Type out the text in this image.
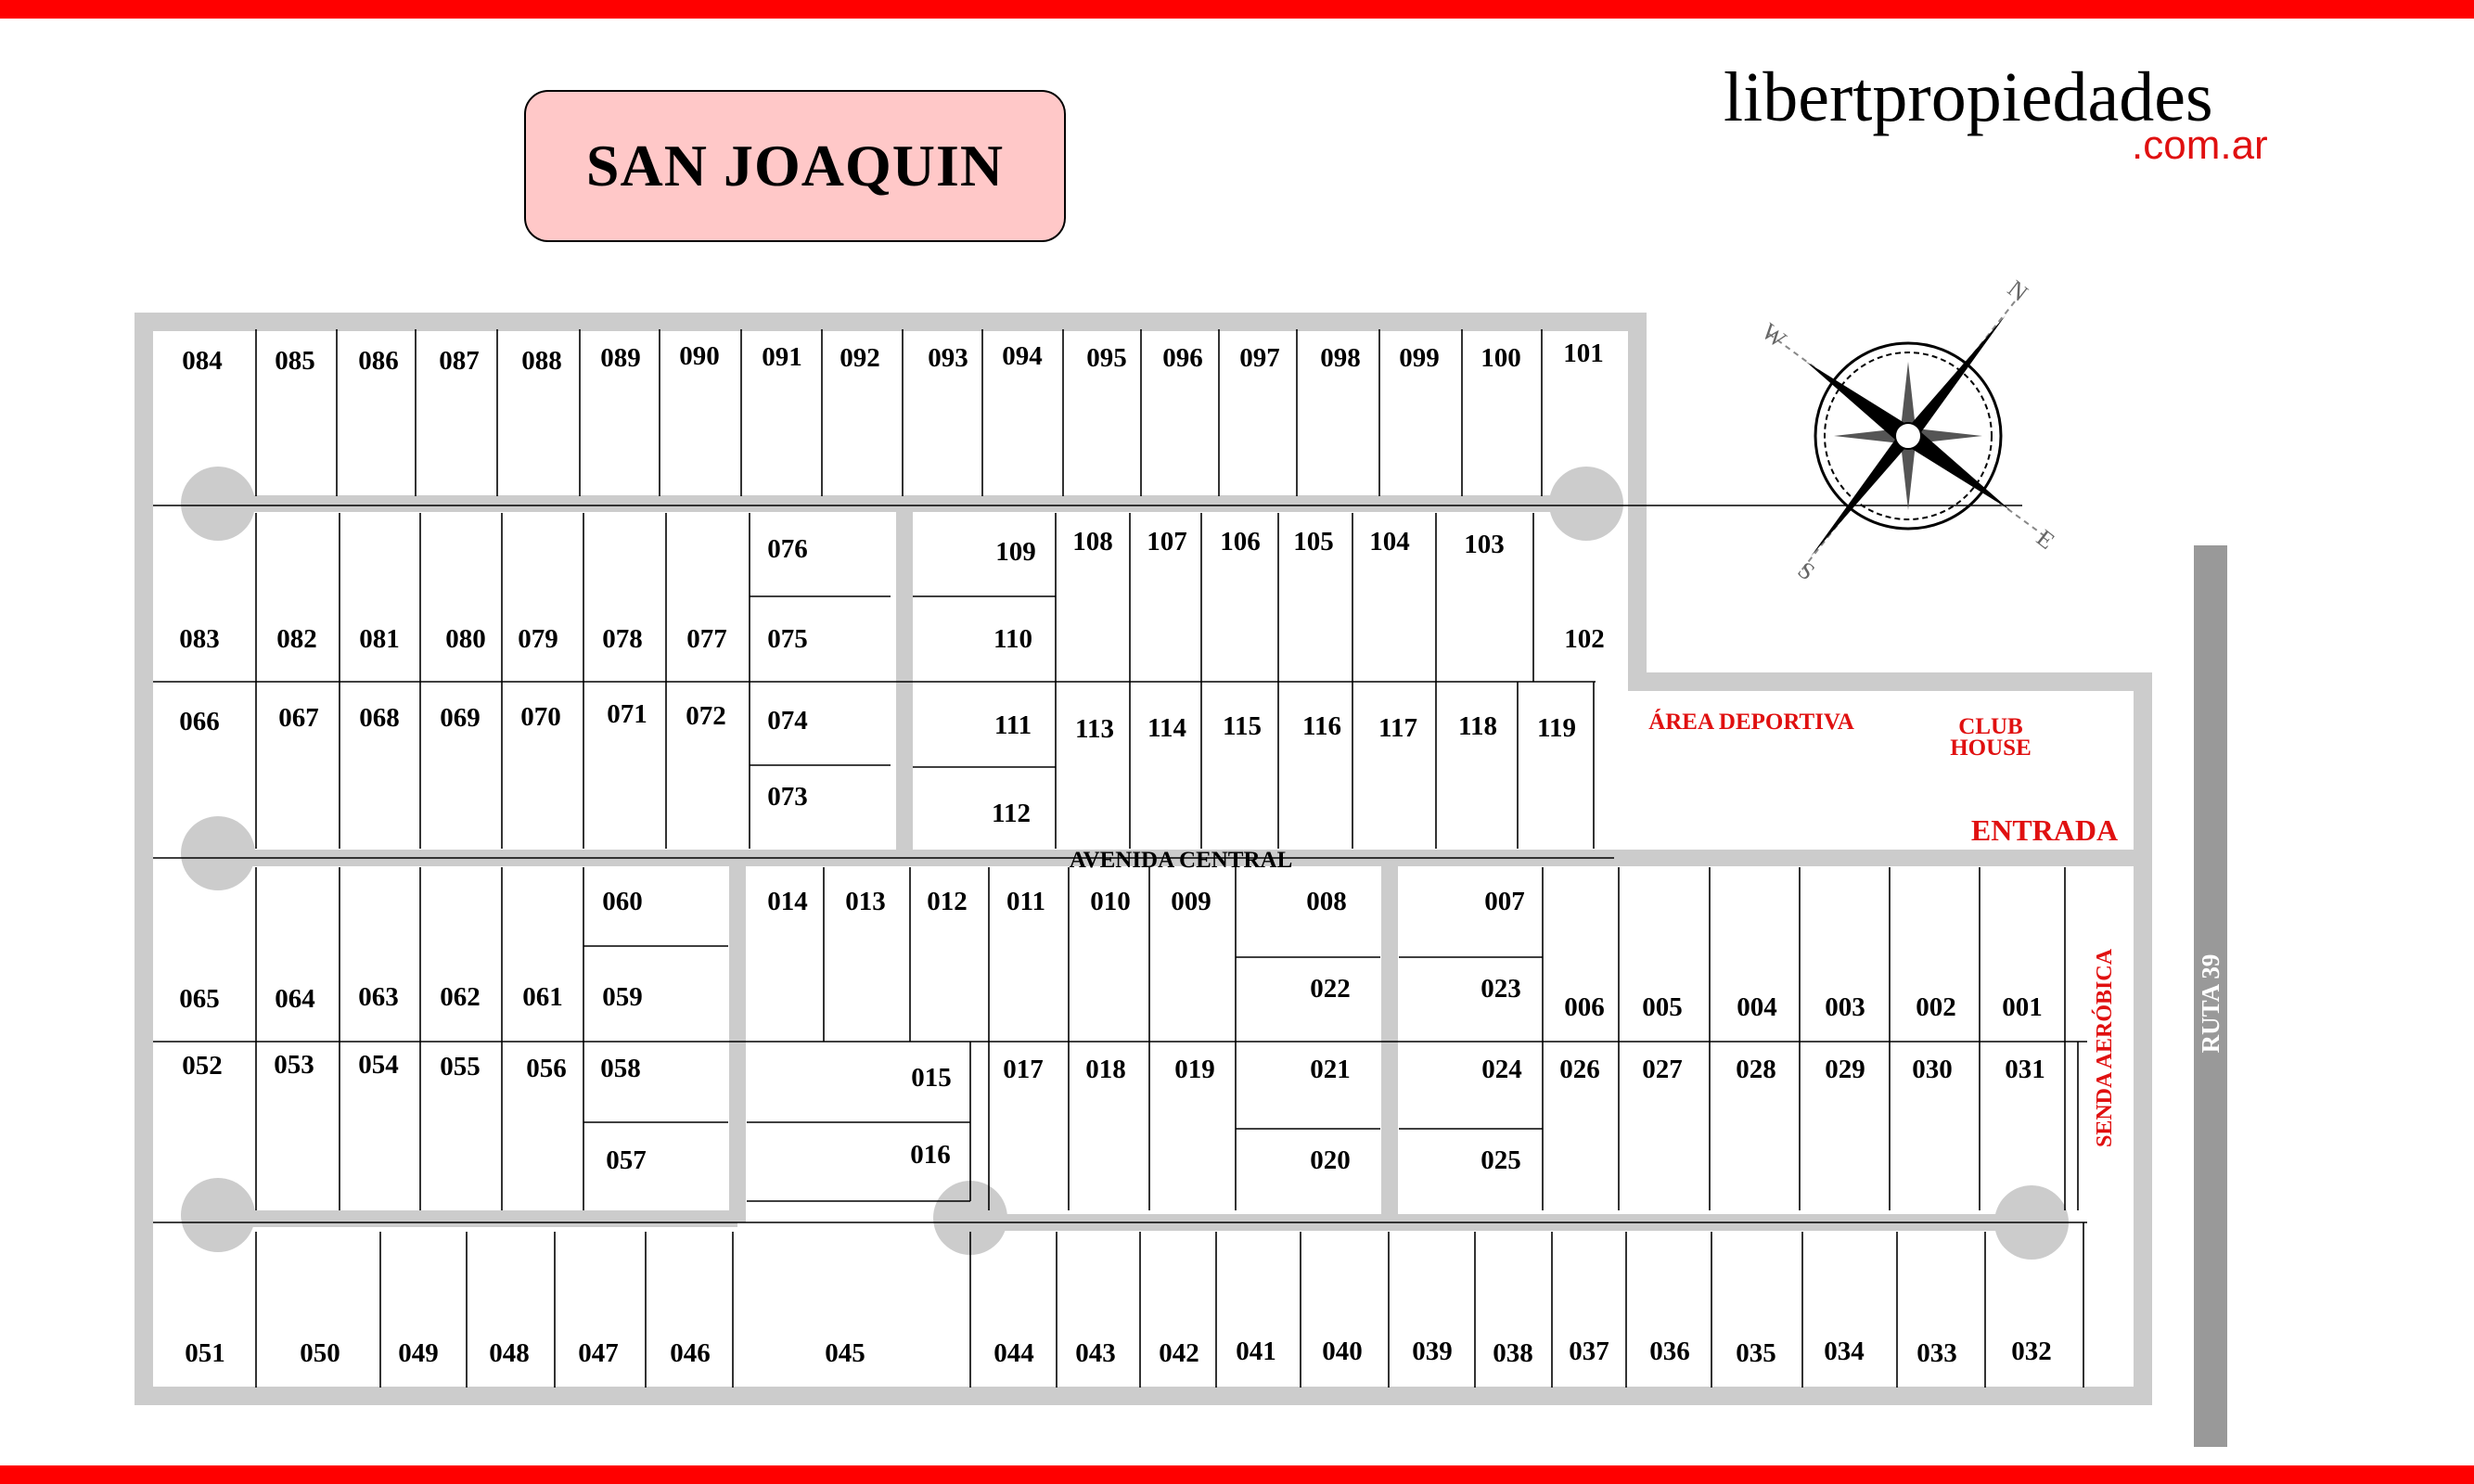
SAN JOAQUIN
libertpropiedades
.com.ar
001
002
003
004
005
006
007
008
009
010
011
012
013
014
015
016
017 018 019
020
021
022	023
024
025
026 027 028 029 030 031
032
033
034
035
036
037
038
039
040
041
042
043
044
045
046
047
048
049
050
051
052 053 054 055 056
057
058
059
060
061
062
063
064
065
066 067 068 069 070 071 072
073
074
075
076
077
078
079
080
081
082
083
084 085 086 087 088 089 090 091 092 093 094 095 096 097 098 099 100 101
102
103
104
105
106
107
108
109
110
111
112
113 114 115 116 117 118 119
AVENIDA CENTRAL
ÁREA DEPORTIVA	CLUB
HOUSE
ENTRADA
SENDA AERÓBICA	RUTA 39
N
E
S
W
